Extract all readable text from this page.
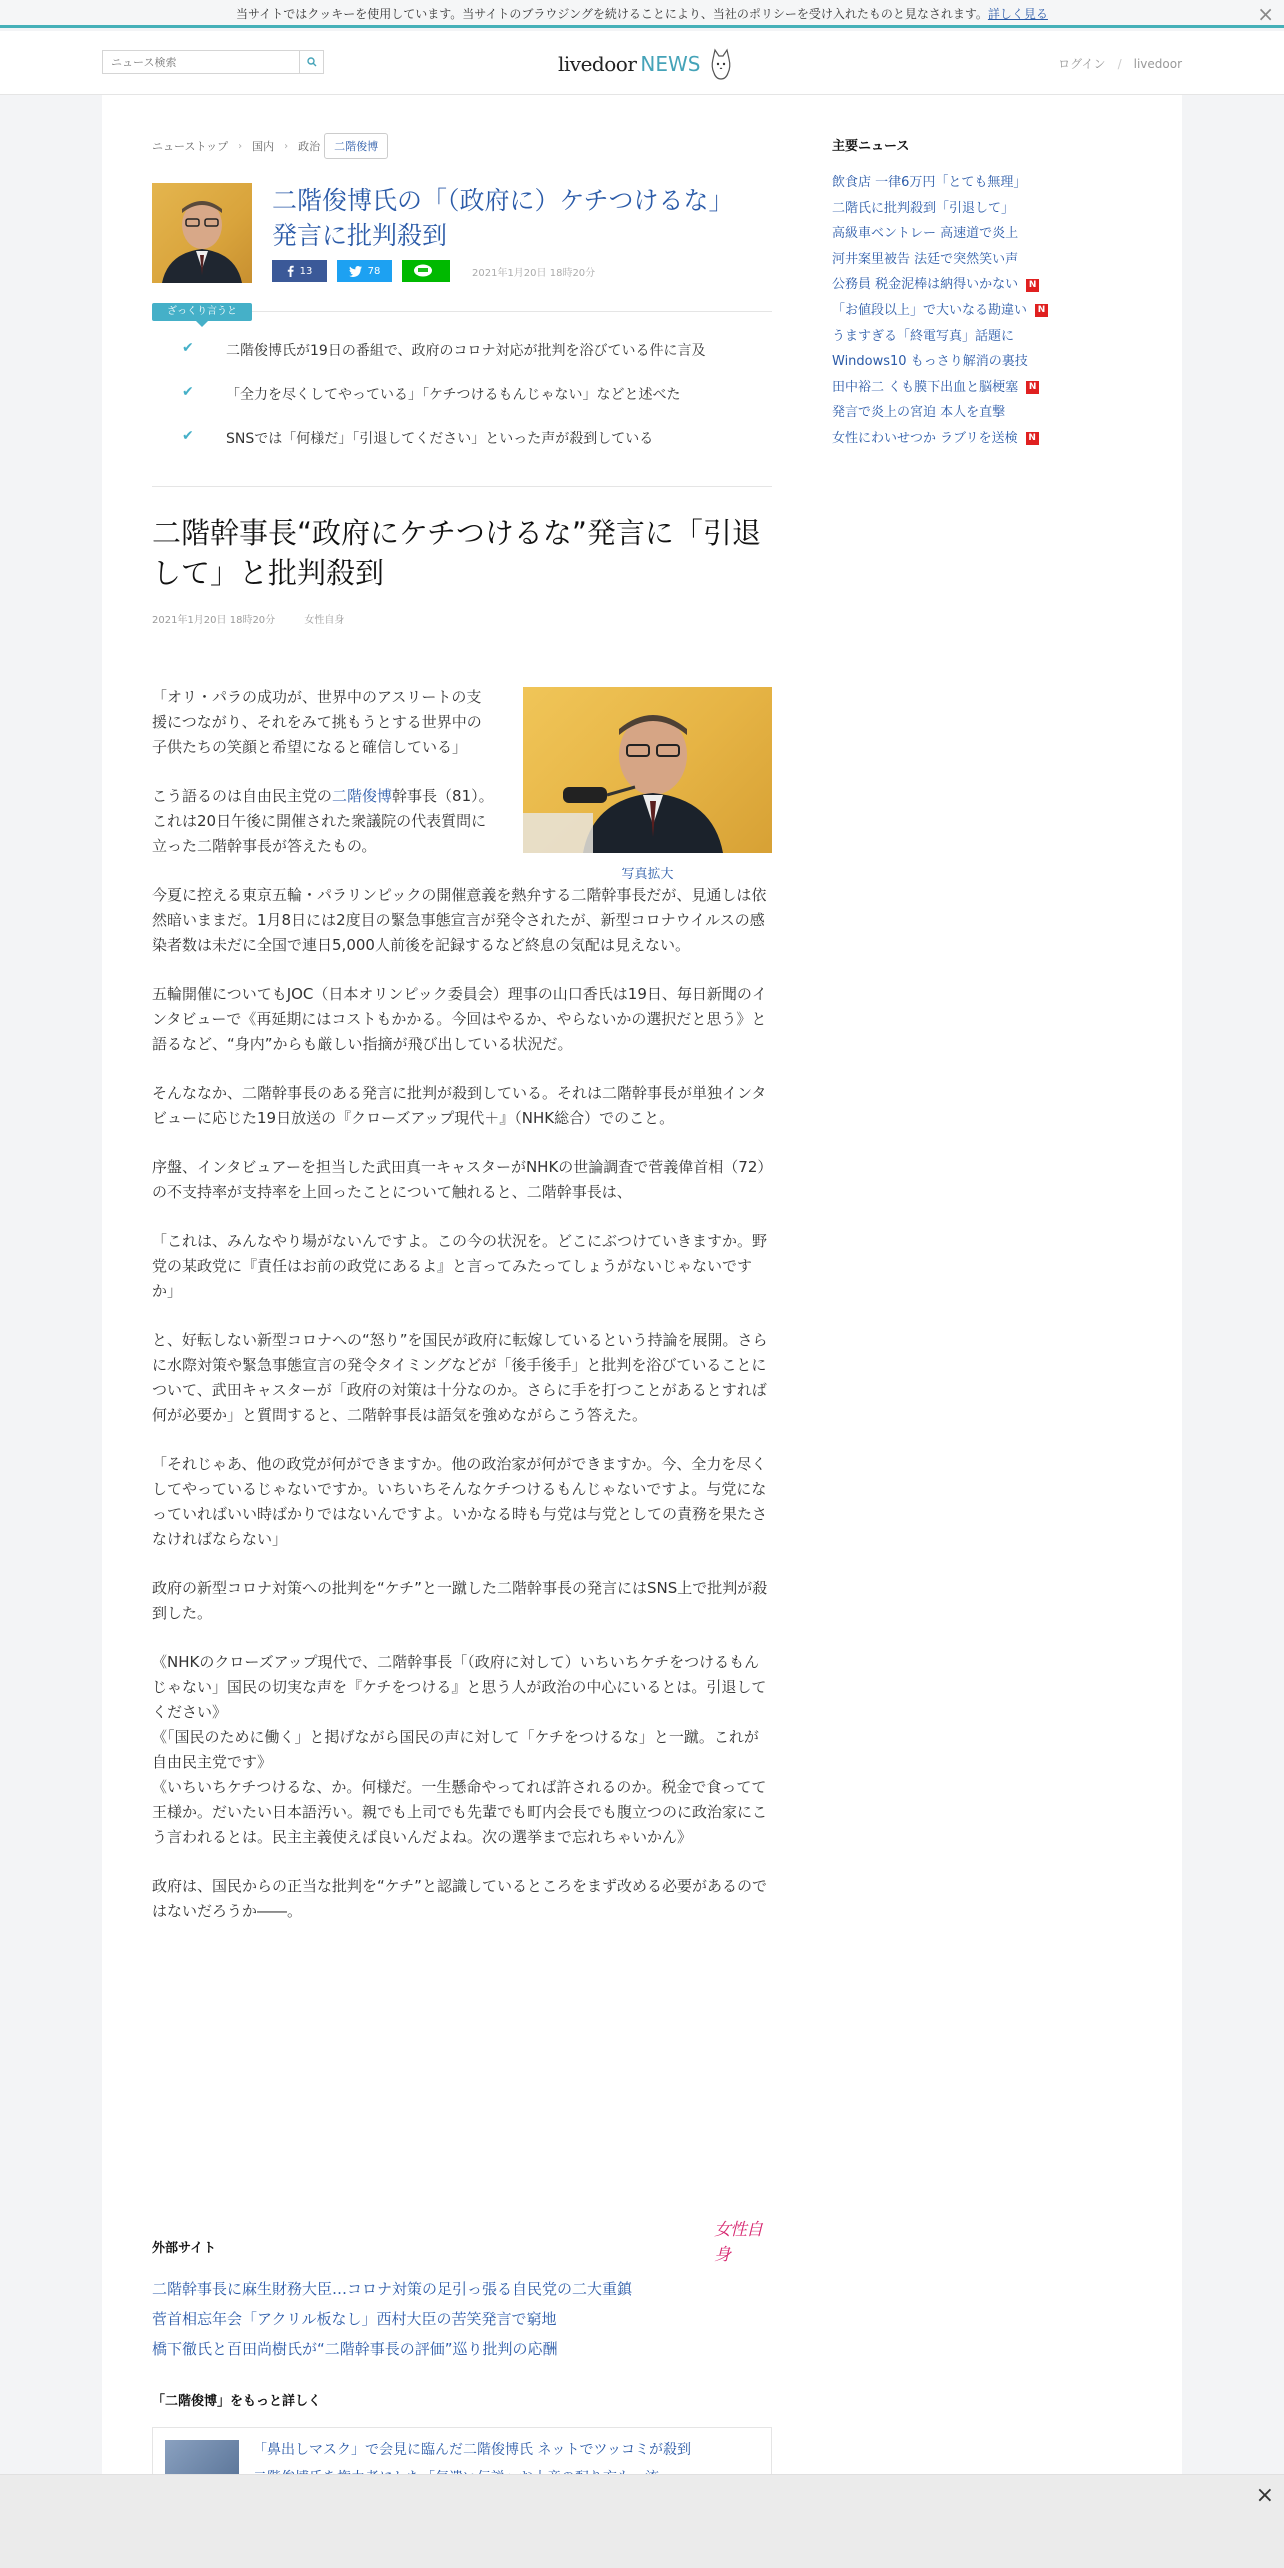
当サイトではクッキーを使用しています。当サイトのブラウジングを続けることにより、当社のポリシーを受け入れたものと見なされます。詳しく見る	×
ニュース検索
livedoor NEWS	ログイン / livedoor
ニューストップ › 国内 › 政治	二階俊博
二階俊博氏の「（政府に）ケチつけるな」発言に批判殺到
13	78	2021年1月20日 18時20分
ざっくり言うと
✔	二階俊博氏が19日の番組で、政府のコロナ対応が批判を浴びている件に言及
✔	「全力を尽くしてやっている」「ケチつけるもんじゃない」などと述べた
✔	SNSでは「何様だ」「引退してください」といった声が殺到している
二階幹事長“政府にケチつけるな”発言に「引退して」と批判殺到
2021年1月20日 18時20分	女性自身
写真拡大

「オリ・パラの成功が、世界中のアスリートの支援につながり、それをみて挑もうとする世界中の子供たちの笑顔と希望になると確信している」

こう語るのは自由民主党の二階俊博幹事長（81）。これは20日午後に開催された衆議院の代表質問に立った二階幹事長が答えたもの。

今夏に控える東京五輪・パラリンピックの開催意義を熱弁する二階幹事長だが、見通しは依然暗いままだ。1月8日には2度目の緊急事態宣言が発令されたが、新型コロナウイルスの感染者数は未だに全国で連日5,000人前後を記録するなど終息の気配は見えない。

五輪開催についてもJOC（日本オリンピック委員会）理事の山口香氏は19日、毎日新聞のインタビューで《再延期にはコストもかかる。今回はやるか、やらないかの選択だと思う》と語るなど、“身内”からも厳しい指摘が飛び出している状況だ。

そんななか、二階幹事長のある発言に批判が殺到している。それは二階幹事長が単独インタビューに応じた19日放送の『クローズアップ現代＋』（NHK総合）でのこと。

序盤、インタビュアーを担当した武田真一キャスターがNHKの世論調査で菅義偉首相（72）の不支持率が支持率を上回ったことについて触れると、二階幹事長は、

「これは、みんなやり場がないんですよ。この今の状況を。どこにぶつけていきますか。野党の某政党に『責任はお前の政党にあるよ』と言ってみたってしょうがないじゃないですか」

と、好転しない新型コロナへの“怒り”を国民が政府に転嫁しているという持論を展開。さらに水際対策や緊急事態宣言の発令タイミングなどが「後手後手」と批判を浴びていることについて、武田キャスターが「政府の対策は十分なのか。さらに手を打つことがあるとすれば何が必要か」と質問すると、二階幹事長は語気を強めながらこう答えた。

「それじゃあ、他の政党が何ができますか。他の政治家が何ができますか。今、全力を尽くしてやっているじゃないですか。いちいちそんなケチつけるもんじゃないですよ。与党になっていればいい時ばかりではないんですよ。いかなる時も与党は与党としての責務を果たさなければならない」

政府の新型コロナ対策への批判を“ケチ”と一蹴した二階幹事長の発言にはSNS上で批判が殺到した。

《NHKのクローズアップ現代で、二階幹事長「（政府に対して）いちいちケチをつけるもんじゃない」国民の切実な声を『ケチをつける』と思う人が政治の中心にいるとは。引退してください》

《「国民のために働く」と掲げながら国民の声に対して「ケチをつけるな」と一蹴。これが自由民主党です》

《いちいちケチつけるな、か。何様だ。一生懸命やってれば許されるのか。税金で食ってて王様か。だいたい日本語汚い。親でも上司でも先輩でも町内会長でも腹立つのに政治家にこう言われるとは。民主主義使えば良いんだよね。次の選挙まで忘れちゃいかん》

政府は、国民からの正当な批判を“ケチ”と認識しているところをまず改める必要があるのではないだろうか――。

女性自身
外部サイト
二階幹事長に麻生財務大臣…コロナ対策の足引っ張る自民党の二大重鎮
菅首相忘年会「アクリル板なし」西村大臣の苦笑発言で窮地
橋下徹氏と百田尚樹氏が“二階幹事長の評価”巡り批判の応酬
「二階俊博」をもっと詳しく
「鼻出しマスク」で会見に臨んだ二階俊博氏 ネットでツッコミが殺到
主要ニュース
飲食店 一律6万円「とても無理」
二階氏に批判殺到「引退して」
高級車ベントレー 高速道で炎上
河井案里被告 法廷で突然笑い声
公務員 税金泥棒は納得いかない	N
「お値段以上」で大いなる勘違い	N
うますぎる「終電写真」話題に
Windows10 もっさり解消の裏技
田中裕二 くも膜下出血と脳梗塞	N
発言で炎上の宮迫 本人を直撃
女性にわいせつか ラブリを送検	N
×
